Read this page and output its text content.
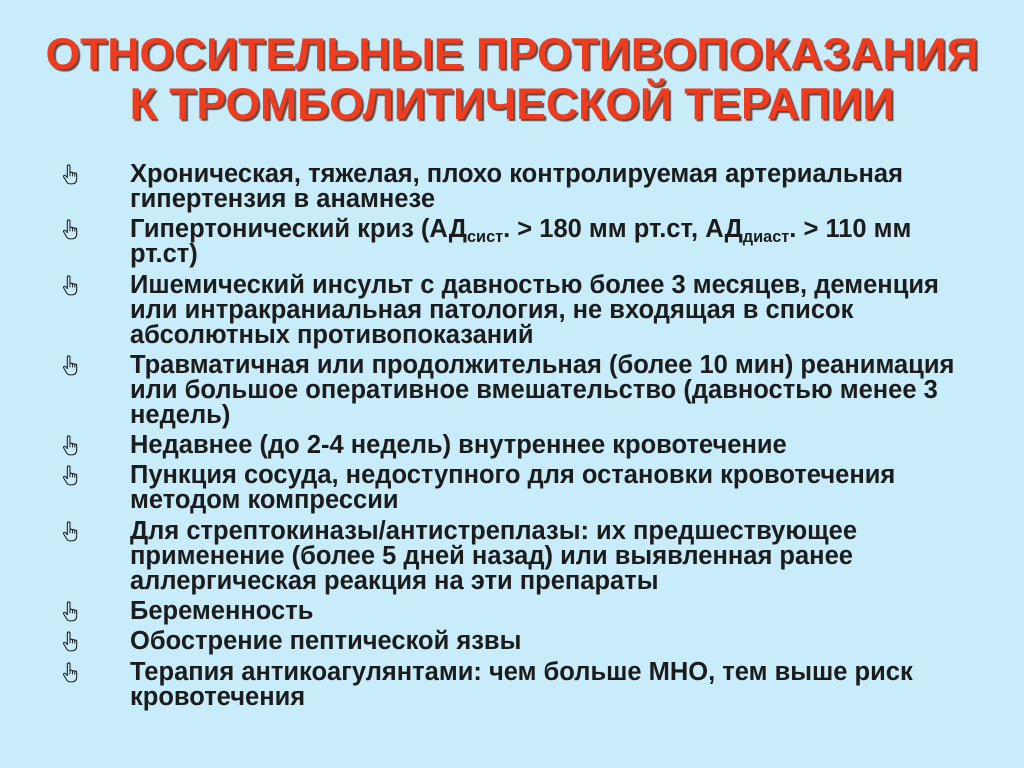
ОТНОСИТЕЛЬНЫЕ ПРОТИВОПОКАЗАНИЯ
К ТРОМБОЛИТИЧЕСКОЙ ТЕРАПИИ
Хроническая, тяжелая, плохо контролируемая артериальная
гипертензия в анамнезе
Гипертонический криз (АДсист. > 180 мм рт.ст, АДдиаст. > 110 мм
рт.ст)
Ишемический инсульт с давностью более 3 месяцев, деменция
или интракраниальная патология, не входящая в список
абсолютных противопоказаний
Травматичная или продолжительная (более 10 мин) реанимация
или большое оперативное вмешательство (давностью менее 3
недель)
Недавнее (до 2-4 недель) внутреннее кровотечение
Пункция сосуда, недоступного для остановки кровотечения
методом компрессии
Для стрептокиназы/антистреплазы: их предшествующее
применение (более 5 дней назад) или выявленная ранее
аллергическая реакция на эти препараты
Беременность
Обострение пептической язвы
Терапия антикоагулянтами: чем больше МНО, тем выше риск
кровотечения
